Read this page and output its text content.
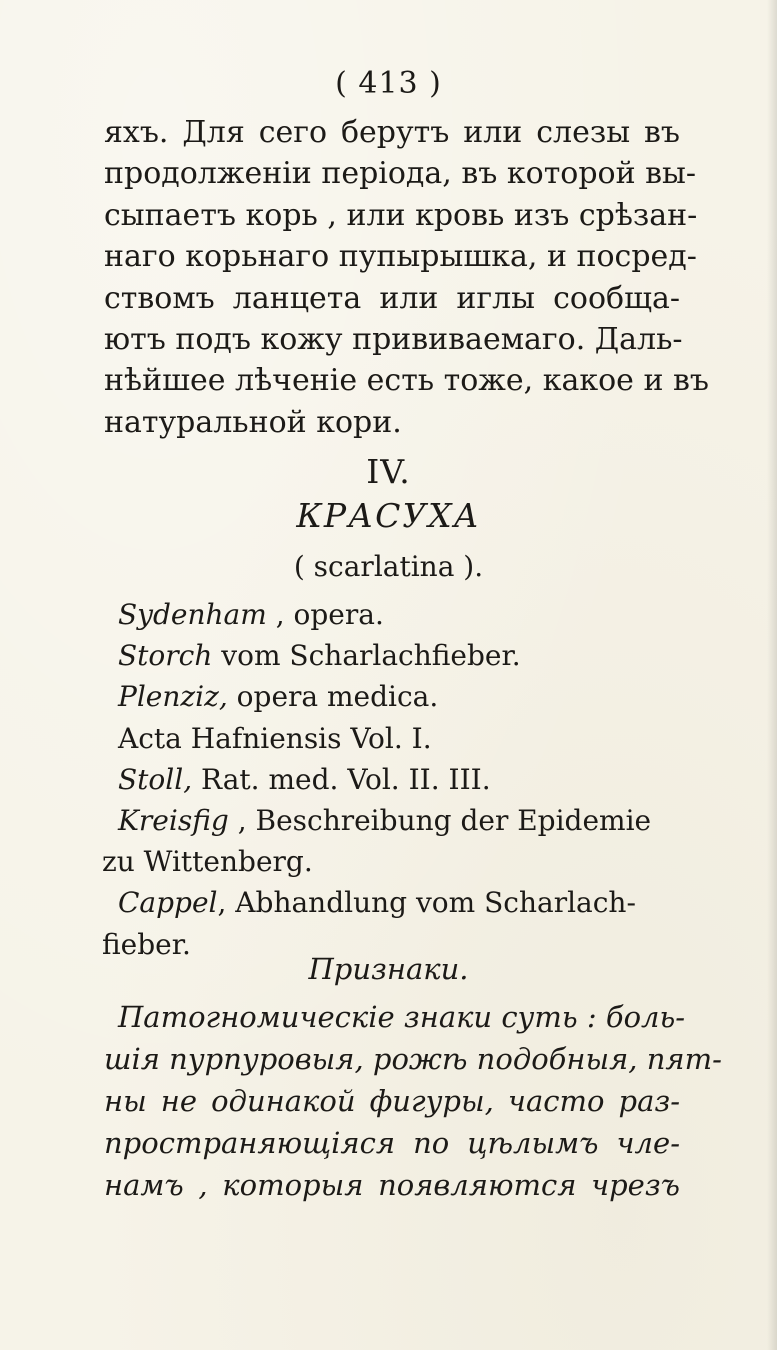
( 413 )
яхъ. Для сего берутъ или слезы въ
продолженіи періода, въ которой вы-
сыпаетъ корь , или кровь изъ срѣзан-
наго корьнаго пупырышка, и посред-
ствомъ ланцета или иглы сообща-
ютъ подъ кожу прививаемаго. Даль-
нѣйшее лѣченіе есть тоже, какое и въ
натуральной кори.
IV.
КРАСУХА
( scarlatina ).
Sydenham , opera.
Storch vom Scharlachfieber.
Plenziz, opera medica.
Acta Hafniensis Vol. I.
Stoll, Rat. med. Vol. II. III.
Kreisfig , Beschreibung der Epidemie
zu Wittenberg.
Cappel, Abhandlung vom Scharlach-
fieber.
Признаки.
Патогномическіе знаки суть : боль-
шія пурпуровыя, рожѣ подобныя, пят-
ны не одинакой фигуры, часто раз-
пространяющіяся по цѣлымъ чле-
намъ , которыя появляются чрезъ
